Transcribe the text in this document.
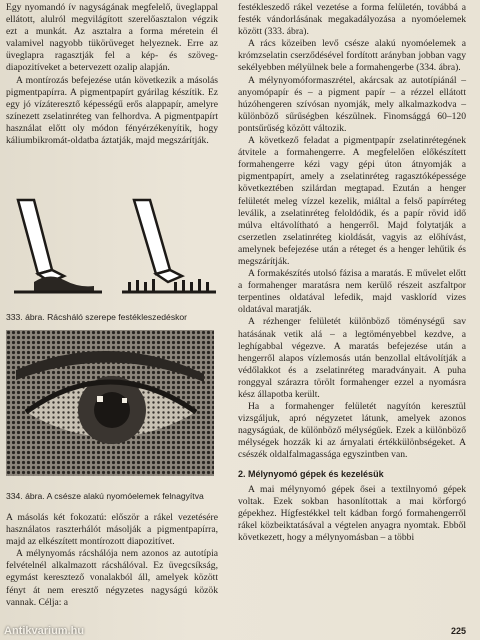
Egy nyomandó ív nagyságának megfelelő, üveglappal ellátott, alulról megvilágított szerelőasztalon végzik ezt a munkát. Az asztalra a forma méretein él valamivel nagyobb tükörüveget helyeznek. Erre az üveglapra ragasztják fel a kép- és szöveg-diapozitíveket a betervezett ozalip alapján.

A montírozás befejezése után következik a másolás pigmentpapírra. A pigmentpapírt gyárilag készítik. Ez egy jó vízáteresztő képességű erős alappapír, amelyre színezett zselatinréteg van felhordva. A pigmentpapírt használat előtt oly módon fényérzékenyítik, hogy káliumbikromát-oldatba áztatják, majd megszárítják.

333. ábra. Rácsháló szerepe festékleszedéskor
334. ábra. A csésze alakú nyomóelemek felnagyítva

A másolás két fokozatú: először a rákel vezetésére használatos raszterhálót másolják a pigmentpapírra, majd az elkészített montírozott diapozitívet.

A mélynyomás rácshálója nem azonos az autotípia felvételnél alkalmazott rácshálóval. Ez üvegcsíkság, egymást keresztező vonalakból áll, amelyek között fényt át nem eresztő négyzetes nagyságú közök vannak. Célja: a

festékleszedő rákel vezetése a forma felületén, továbbá a festék vándorlásának megakadályozása a nyomóelemek között (333. ábra).

A rács közeiben levő csésze alakú nyomóelemek a krómzselatin cserződésével fordított arányban jobban vagy sekélyebben mélyülnek bele a formahengerbe (334. ábra).

A mélynyomóformaszrétel, akárcsak az autotípiánál – anyomópapír és – a pigment papír – a rézzel ellátott húzóhengeren szívósan nyomják, mely alkalmazkodva – különböző sűrűségben készülnek. Finomsággá 60–120 pontsűrűség között változik.

A következő feladat a pigmentpapír zselatinrétegének átvitele a formahengerre. A megfelelően előkészített formahengerre kézi vagy gépi úton átnyomják a pigmentpapírt, amely a zselatinréteg ragasztóképessége következtében szilárdan megtapad. Ezután a henger felületét meleg vízzel kezelik, miáltal a felső papírréteg leválik, a zselatinréteg feloldódik, és a papír rövid idő múlva eltávolítható a hengerről. Majd folytatják a cserzetlen zselatinréteg kioldását, vagyis az előhívást, amelynek befejezése után a réteget és a henger lehűtik és megszárítják.

A formakészítés utolsó fázisa a maratás. E művelet előtt a formahenger maratásra nem kerülő részeit aszfaltpor terpentines oldatával lefedik, majd vaskloríd vizes oldatával maratják.

A rézhenger felületét különböző töménységű sav hatásának vetik alá – a legtöményebbel kezdve, a leghígabbal végezve. A maratás befejezése után a hengerről alapos vízlemosás után benzollal eltávolítják a védőlakkot és a zselatinréteg maradványait. A puha ronggyal szárazra törölt formahenger ezzel a nyomásra kész állapotba került.

Ha a formahenger felületét nagyítón keresztül vizsgáljuk, apró négyzetet látunk, amelyek azonos nagyságúak, de különböző mélységűek. Ezek a különböző mélységek hozzák ki az árnyalati értékkülönbségeket. A csészék oldalfalmagassága egyszintben van.

2. Mélynyomó gépek és kezelésük

A mai mélynyomó gépek ősei a textilnyomó gépek voltak. Ezek sokban hasonlítottak a mai körforgó gépekhez. Hígfestékkel telt kádban forgó formahengerről rákel közbeiktatásával a végtelen anyagra nyomtak. Ebből következett, hogy a mélynyomásban – a többi

225
Antikvarium.hu
